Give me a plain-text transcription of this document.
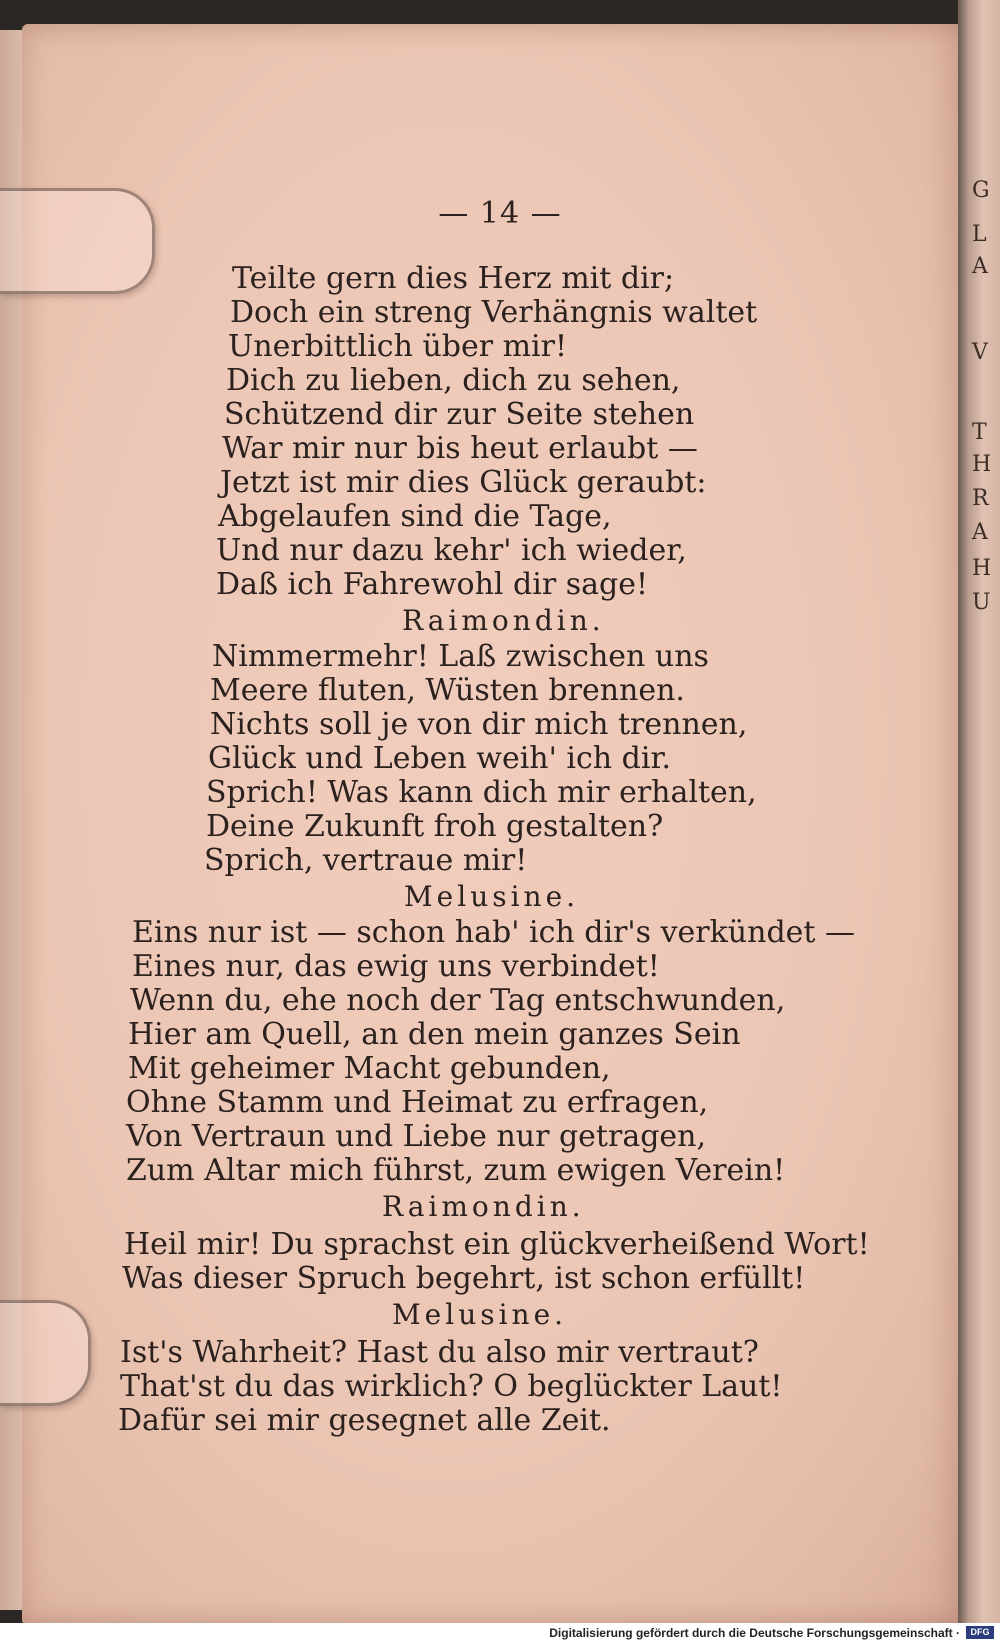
G
L
A
V
T
H
R
A
H
U
— 14 —
Teilte gern dies Herz mit dir;
Doch ein streng Verhängnis waltet
Unerbittlich über mir!
Dich zu lieben, dich zu sehen,
Schützend dir zur Seite stehen
War mir nur bis heut erlaubt —
Jetzt ist mir dies Glück geraubt:
Abgelaufen sind die Tage,
Und nur dazu kehr' ich wieder,
Daß ich Fahrewohl dir sage!
Raimondin.
Nimmermehr! Laß zwischen uns
Meere fluten, Wüsten brennen.
Nichts soll je von dir mich trennen,
Glück und Leben weih' ich dir.
Sprich! Was kann dich mir erhalten,
Deine Zukunft froh gestalten?
Sprich, vertraue mir!
Melusine.
Eins nur ist — schon hab' ich dir's verkündet —
Eines nur, das ewig uns verbindet!
Wenn du, ehe noch der Tag entschwunden,
Hier am Quell, an den mein ganzes Sein
Mit geheimer Macht gebunden,
Ohne Stamm und Heimat zu erfragen,
Von Vertraun und Liebe nur getragen,
Zum Altar mich führst, zum ewigen Verein!
Raimondin.
Heil mir! Du sprachst ein glückverheißend Wort!
Was dieser Spruch begehrt, ist schon erfüllt!
Melusine.
Ist's Wahrheit? Hast du also mir vertraut?
That'st du das wirklich? O beglückter Laut!
Dafür sei mir gesegnet alle Zeit.
Digitalisierung gefördert durch die Deutsche Forschungsgemeinschaft ·	DFG
